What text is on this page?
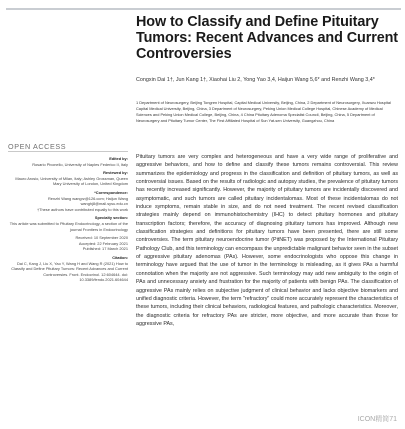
How to Classify and Define Pituitary Tumors: Recent Advances and Current Controversies
Congxin Dai 1†, Jun Kang 1†, Xiaohai Liu 2, Yong Yao 3,4, Haijun Wang 5,6* and Renzhi Wang 3,4*
1 Department of Neurosurgery, Beijing Tongren Hospital, Capital Medical University, Beijing, China, 2 Department of Neurosurgery, Xuanwu Hospital Capital Medical University, Beijing, China, 3 Department of Neurosurgery, Peking Union Medical College Hospital, Chinese Academy of Medical Sciences and Peking Union Medical College, Beijing, China, 4 China Pituitary Adenoma Specialist Council, Beijing, China, 5 Department of Neurosurgery and Pituitary Tumor Center, The First Affiliated Hospital of Sun Yat-sen University, Guangzhou, China
OPEN ACCESS

Edited by:
Rosario Pivonello, University of Naples Federico II, Italy

Reviewed by:
Mauro Arosio, University of Milan, Italy; Ashley Grossman, Queen Mary University of London, United Kingdom

*Correspondence:
Renzhi Wang wangrz@126.com; Haijun Wang wanghj8@mail.sysu.edu.cn
†These authors have contributed equally to this work

Specialty section:
This article was submitted to Pituitary Endocrinology, a section of the journal Frontiers in Endocrinology

Received: 10 September 2020
Accepted: 22 February 2021
Published: 17 March 2021

Citation:
Dai C, Kang J, Liu X, Yao Y, Wang H and Wang R (2021) How to Classify and Define Pituitary Tumors: Recent Advances and Current Controversies. Front. Endocrinol. 12:604644. doi: 10.3389/fendo.2021.604644

Pituitary tumors are very complex and heterogeneous and have a very wide range of proliferative and aggressive behaviors, and how to define and classify these tumors remains controversial. This review summarizes the epidemiology and progress in the classification and definition of pituitary tumors, as well as controversial issues. Based on the results of radiologic and autopsy studies, the prevalence of pituitary tumors has recently increased significantly. However, the majority of pituitary tumors are incidentally discovered and asymptomatic, and such tumors are called pituitary incidentalomas. Most of these incidentalomas do not induce symptoms, remain stable in size, and do not need treatment. The recent revised classification strategies mainly depend on immunohistochemistry (IHC) to detect pituitary hormones and pituitary transcription factors; therefore, the accuracy of diagnosing pituitary tumors has improved. Although new classification strategies and definitions for pituitary tumors have been presented, there are still some controversies. The term pituitary neuroendocrine tumor (PitNET) was proposed by the International Pituitary Pathology Club, and this terminology can encompass the unpredictable malignant behavior seen in the subset of aggressive pituitary adenomas (PAs). However, some endocrinologists who oppose this change in terminology have argued that the use of tumor in the terminology is misleading, as it gives PAs a harmful connotation when the majority are not aggressive. Such terminology may add new ambiguity to the origin of PAs and unnecessary anxiety and frustration for the majority of patients with benign PAs. The classification of aggressive PAs mainly relies on subjective judgment of clinical behavior and lacks objective biomarkers and unified diagnostic criteria. However, the term "refractory" could more accurately represent the characteristics of these tumors, including their clinical behaviors, radiological features, and pathologic characteristics. Moreover, the diagnostic criteria for refractory PAs are stricter, more objective, and more accurate than those for aggressive PAs,

ICON精简71
